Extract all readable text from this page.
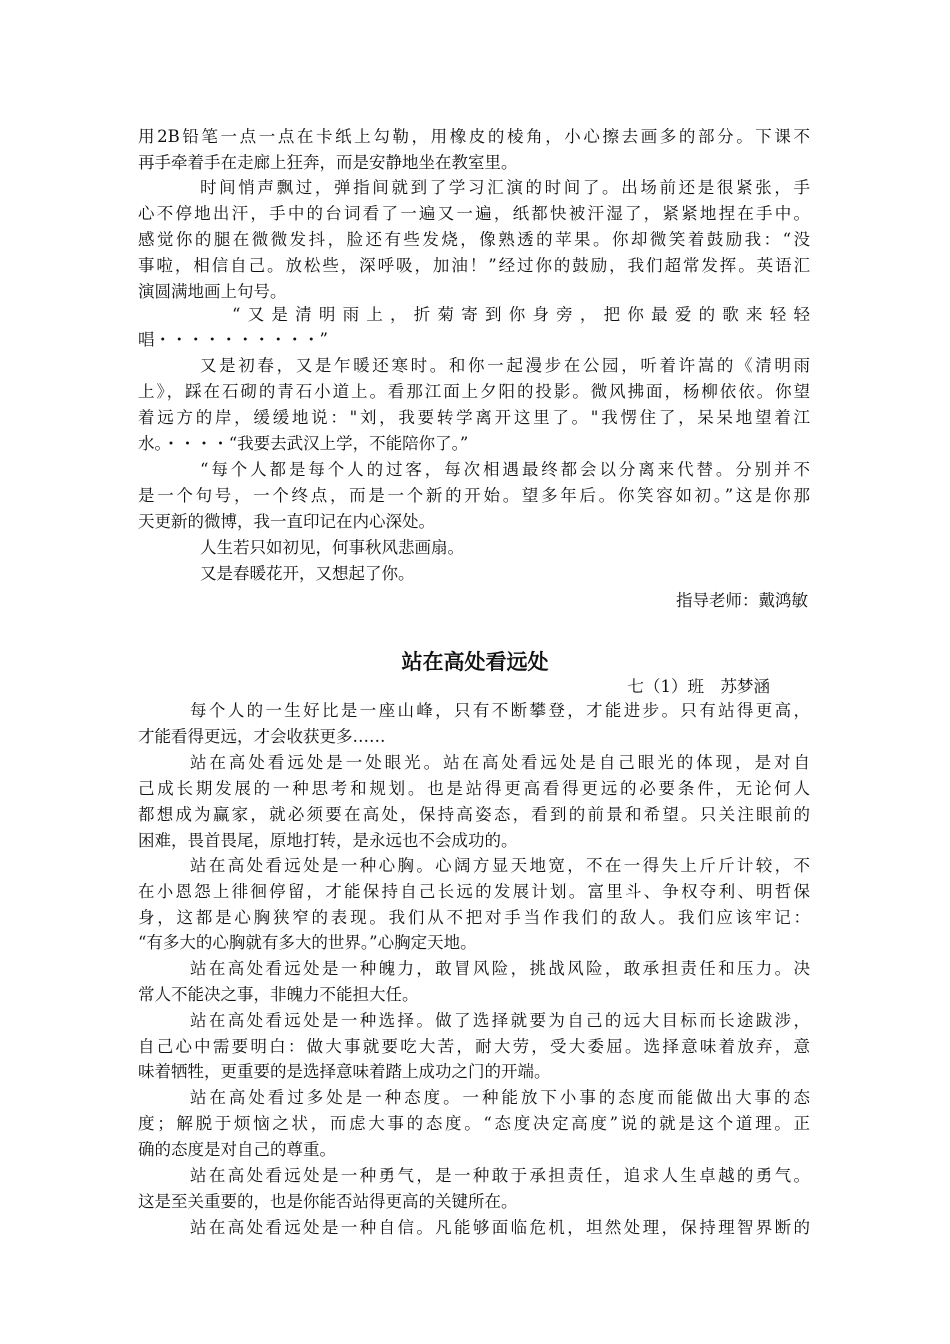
用2B铅笔一点一点在卡纸上勾勒，用橡皮的棱角，小心擦去画多的部分。下课不
再手牵着手在走廊上狂奔，而是安静地坐在教室里。
时间悄声飘过，弹指间就到了学习汇演的时间了。出场前还是很紧张，手
心不停地出汗，手中的台词看了一遍又一遍，纸都快被汗湿了，紧紧地捏在手中。
感觉你的腿在微微发抖，脸还有些发烧，像熟透的苹果。你却微笑着鼓励我：“没
事啦，相信自己。放松些，深呼吸，加油！”经过你的鼓励，我们超常发挥。英语汇
演圆满地画上句号。
“又是清明雨上，折菊寄到你身旁，把你最爱的歌来轻轻
唱・・・・・・・・・・”
又是初春，又是乍暖还寒时。和你一起漫步在公园，听着许嵩的《清明雨
上》，踩在石砌的青石小道上。看那江面上夕阳的投影。微风拂面，杨柳依依。你望
着远方的岸，缓缓地说："刘，我要转学离开这里了。"我愣住了，呆呆地望着江
水。・・・・“我要去武汉上学，不能陪你了。”
“每个人都是每个人的过客，每次相遇最终都会以分离来代替。分别并不
是一个句号，一个终点，而是一个新的开始。望多年后。你笑容如初。”这是你那
天更新的微博，我一直印记在内心深处。
人生若只如初见，何事秋风悲画扇。
又是春暖花开，又想起了你。
指导老师：戴鸿敏
站在高处看远处
七（1）班　苏梦涵
每个人的一生好比是一座山峰，只有不断攀登，才能进步。只有站得更高，
才能看得更远，才会收获更多……
站在高处看远处是一处眼光。站在高处看远处是自己眼光的体现，是对自
己成长期发展的一种思考和规划。也是站得更高看得更远的必要条件，无论何人
都想成为赢家，就必须要在高处，保持高姿态，看到的前景和希望。只关注眼前的
困难，畏首畏尾，原地打转，是永远也不会成功的。
站在高处看远处是一种心胸。心阔方显天地宽，不在一得失上斤斤计较，不
在小恩怨上徘徊停留，才能保持自己长远的发展计划。富里斗、争权夺利、明哲保
身，这都是心胸狭窄的表现。我们从不把对手当作我们的敌人。我们应该牢记：
“有多大的心胸就有多大的世界。”心胸定天地。
站在高处看远处是一种魄力，敢冒风险，挑战风险，敢承担责任和压力。决
常人不能决之事，非魄力不能担大任。
站在高处看远处是一种选择。做了选择就要为自己的远大目标而长途跋涉，
自己心中需要明白：做大事就要吃大苦，耐大劳，受大委屈。选择意味着放弃，意
味着牺牲，更重要的是选择意味着踏上成功之门的开端。
站在高处看过多处是一种态度。一种能放下小事的态度而能做出大事的态
度；解脱于烦恼之状，而虑大事的态度。“态度决定高度”说的就是这个道理。正
确的态度是对自己的尊重。
站在高处看远处是一种勇气，是一种敢于承担责任，追求人生卓越的勇气。
这是至关重要的，也是你能否站得更高的关键所在。
站在高处看远处是一种自信。凡能够面临危机，坦然处理，保持理智界断的
